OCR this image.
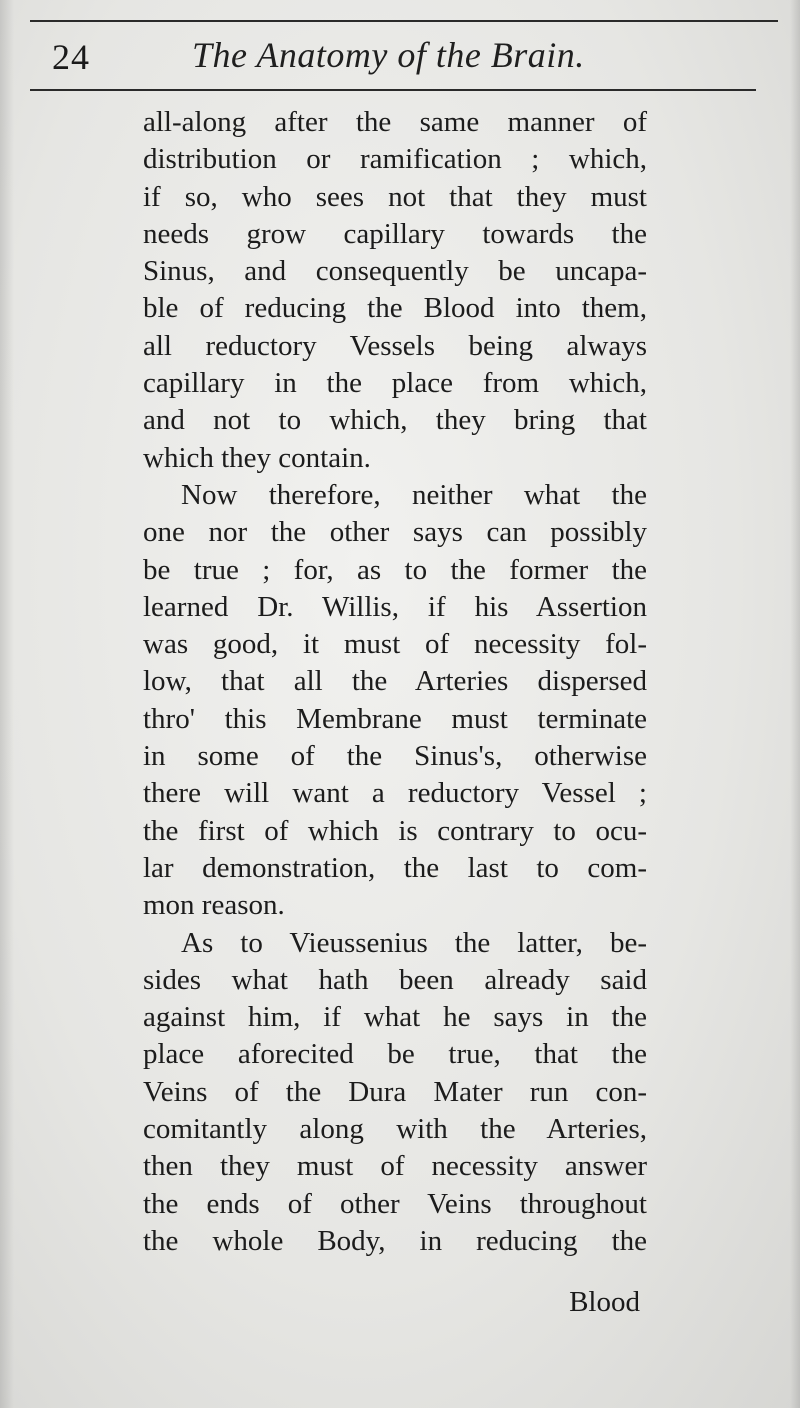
24	The Anatomy of the Brain.
all-along after the same manner of
distribution or ramification ; which,
if so, who sees not that they must
needs grow capillary towards the
Sinus, and consequently be uncapa-
ble of reducing the Blood into them,
all reductory Vessels being always
capillary in the place from which,
and not to which, they bring that
which they contain.
Now therefore, neither what the
one nor the other says can possibly
be true ; for, as to the former the
learned Dr. Willis, if his Assertion
was good, it must of necessity fol-
low, that all the Arteries dispersed
thro' this Membrane must terminate
in some of the Sinus's, otherwise
there will want a reductory Vessel ;
the first of which is contrary to ocu-
lar demonstration, the last to com-
mon reason.
As to Vieussenius the latter, be-
sides what hath been already said
against him, if what he says in the
place aforecited be true, that the
Veins of the Dura Mater run con-
comitantly along with the Arteries,
then they must of necessity answer
the ends of other Veins throughout
the whole Body, in reducing the
Blood
